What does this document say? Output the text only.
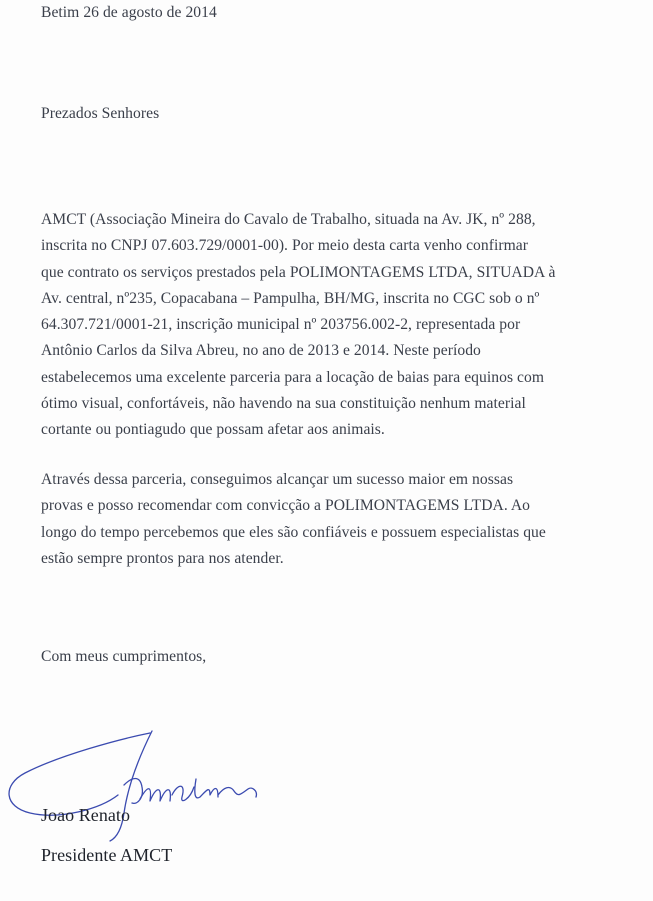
Betim 26 de agosto de 2014
Prezados Senhores
AMCT (Associação Mineira do Cavalo de Trabalho, situada na Av. JK, nº 288,
inscrita no CNPJ 07.603.729/0001-00). Por meio desta carta venho confirmar
que contrato os serviços prestados pela POLIMONTAGEMS LTDA, SITUADA à
Av. central, nº235, Copacabana – Pampulha, BH/MG, inscrita no CGC sob o nº
64.307.721/0001-21, inscrição municipal nº 203756.002-2, representada por
Antônio Carlos da Silva Abreu, no ano de 2013 e 2014. Neste período
estabelecemos uma excelente parceria para a locação de baias para equinos com
ótimo visual, confortáveis, não havendo na sua constituição nenhum material
cortante ou pontiagudo que possam afetar aos animais.
Através dessa parceria, conseguimos alcançar um sucesso maior em nossas
provas e posso recomendar com convicção a POLIMONTAGEMS LTDA. Ao
longo do tempo percebemos que eles são confiáveis e possuem especialistas que
estão sempre prontos para nos atender.
Com meus cumprimentos,
Joao Renato
Presidente AMCT
